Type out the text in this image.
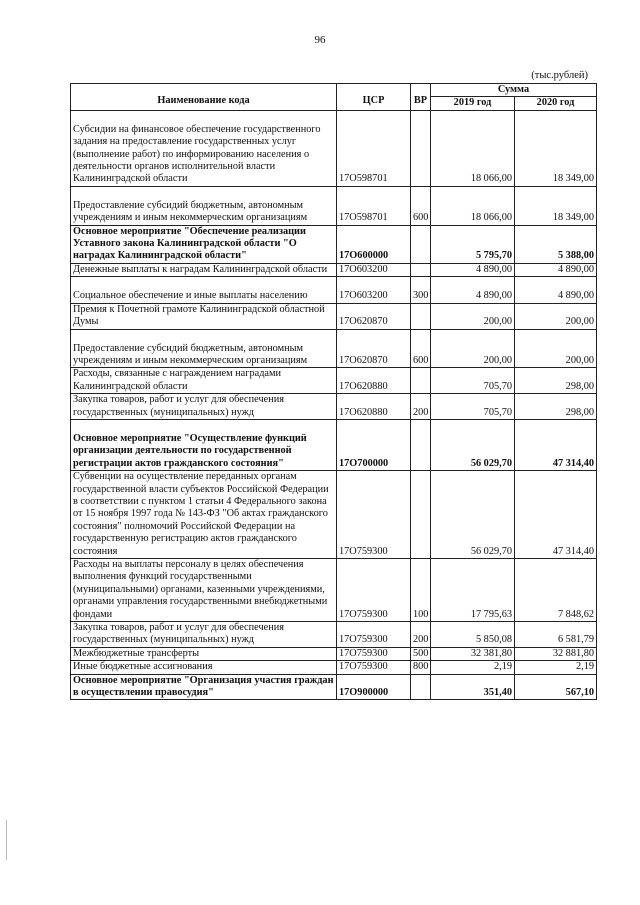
96
(тыс.рублей)
Наименование кода	ЦСР	ВР	Сумма	
			2019 год	2020 год
Субсидии на финансовое обеспечение государственного задания на предоставление государственных услуг (выполнение работ) по информированию населения о деятельности органов исполнительной власти Калининградской области	17О598701		18 066,00	18 349,00
Предоставление субсидий бюджетным, автономным учреждениям и иным некоммерческим организациям	17О598701	600	18 066,00	18 349,00
Основное мероприятие "Обеспечение реализации Уставного закона Калининградской области "О наградах Калининградской области"	17О600000		5 795,70	5 388,00
Денежные выплаты к наградам Калининградской области	17О603200		4 890,00	4 890,00
Социальное обеспечение и иные выплаты населению	17О603200	300	4 890,00	4 890,00
Премия к Почетной грамоте Калининградской областной Думы	17О620870		200,00	200,00
Предоставление субсидий бюджетным, автономным учреждениям и иным некоммерческим организациям	17О620870	600	200,00	200,00
Расходы, связанные с награждением наградами Калининградской области	17О620880		705,70	298,00
Закупка товаров, работ и услуг для обеспечения государственных (муниципальных) нужд	17О620880	200	705,70	298,00
Основное мероприятие "Осуществление функций организации деятельности по государственной регистрации актов гражданского состояния"	17О700000		56 029,70	47 314,40
Субвенции на осуществление переданных органам государственной власти субъектов Российской Федерации в соответствии с пунктом 1 статьи 4 Федерального закона от 15 ноября 1997 года № 143-ФЗ "Об актах гражданского состояния" полномочий Российской Федерации на государственную регистрацию актов гражданского состояния	17О759300		56 029,70	47 314,40
Расходы на выплаты персоналу в целях обеспечения выполнения функций государственными (муниципальными) органами, казенными учреждениями, органами управления государственными внебюджетными фондами	17О759300	100	17 795,63	7 848,62
Закупка товаров, работ и услуг для обеспечения государственных (муниципальных) нужд	17О759300	200	5 850,08	6 581,79
Межбюджетные трансферты	17О759300	500	32 381,80	32 881,80
Иные бюджетные ассигнования	17О759300	800	2,19	2,19
Основное мероприятие "Организация участия граждан в осуществлении правосудия"	17О900000		351,40	567,10
